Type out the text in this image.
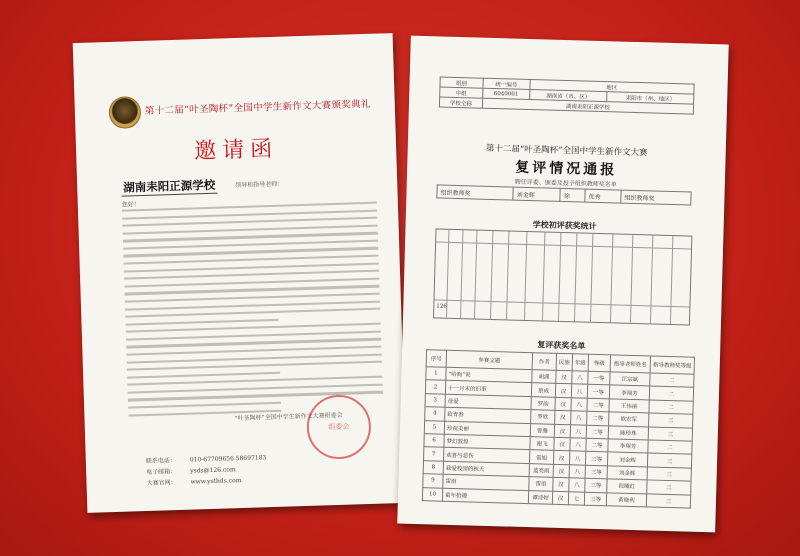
第十二届“叶圣陶杯”全国中学生新作文大赛颁奖典礼
邀请函
湖南耒阳正源学校	领导和指导老师：
您好！
“叶圣陶杯”全国中学生新作文大赛组委会
组委会
联系电话： 010-67709656 58697183
电子邮箱： ysds@126.com
大赛官网： www.ysthds.com
组别	统一编号	地区	
中组	6040001	湖南省（市、区）	耒阳市（州、地区）
学校全称	湖南耒阳正源学校		
第十二届“叶圣陶杯”全国中学生新作文大赛
复评情况通报
聘任评委、颁委及投予组织教师奖名单
组织教师奖	刘金辉	徐	优秀	组织教师奖
学校初评获奖统计
126
复评获奖名单
序号	参赛文题	作者	民族	年级	等级	指导老师姓名	指导教师奖等级
1	“哈购”说	胡潇	汉	八	一等	江宗斌	二
2	十一月末的旧事	蔡成	汉	八	一等	李翔芳	二
3	母爱	罗韵	汉	八	二等	王伟丽	二
4	致青春	罗欣	汉	八	二等	欧宏军	三
5	珍视美丽	曾雅	汉	八	二等	陈珍珠	三
6	梦幻敦煌	谢飞	汉	八	二等	李翔芳	二
7	欢喜与悲伤	雷旭	汉	八	三等	刘金辉	三
8	我爱校园的秋天	蓝亮雨	汉	八	三等	刘金辉	三
9	雷雨	雷语	汉	八	三等	段曦红	三
10	童年拾趣	谭诗婷	汉	七	三等	黄晓利	三
